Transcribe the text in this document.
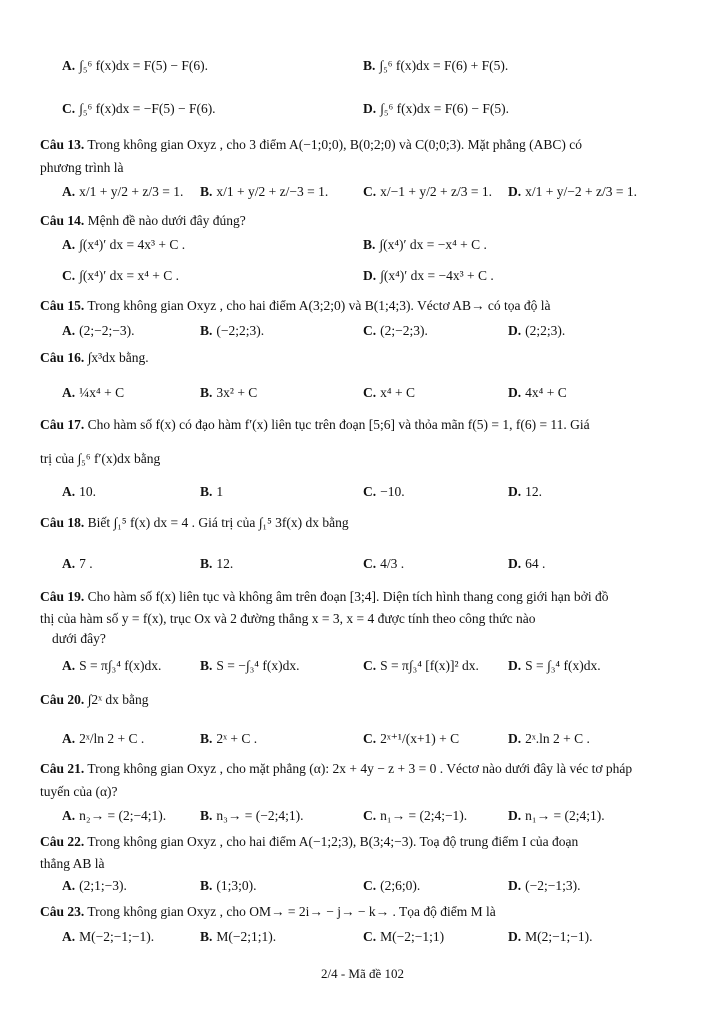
A. ∫₅⁶ f(x)dx = F(5) − F(6).	B. ∫₅⁶ f(x)dx = F(6) + F(5).
C. ∫₅⁶ f(x)dx = −F(5) − F(6).	D. ∫₅⁶ f(x)dx = F(6) − F(5).
Câu 13. Trong không gian Oxyz , cho 3 điểm A(−1;0;0), B(0;2;0) và C(0;0;3). Mặt phẳng (ABC) có
phương trình là
A. x/1 + y/2 + z/3 = 1. B. x/1 + y/2 + z/−3 = 1.	C. x/−1 + y/2 + z/3 = 1. D. x/1 + y/−2 + z/3 = 1.
Câu 14. Mệnh đề nào dưới đây đúng?
A. ∫(x⁴)′ dx = 4x³ + C .	B. ∫(x⁴)′ dx = −x⁴ + C .
C. ∫(x⁴)′ dx = x⁴ + C .	D. ∫(x⁴)′ dx = −4x³ + C .
Câu 15. Trong không gian Oxyz , cho hai điểm A(3;2;0) và B(1;4;3). Véctơ AB→ có tọa độ là
A. (2;−2;−3).	B. (−2;2;3).	C. (2;−2;3).	D. (2;2;3).
Câu 16. ∫x³dx bằng.
A. ¼x⁴ + C	B. 3x² + C	C. x⁴ + C	D. 4x⁴ + C
Câu 17. Cho hàm số f(x) có đạo hàm f′(x) liên tục trên đoạn [5;6] và thỏa mãn f(5) = 1, f(6) = 11. Giá
trị của ∫₅⁶ f′(x)dx bằng
A. 10.	B. 1	C. −10.	D. 12.
Câu 18. Biết ∫₁⁵ f(x) dx = 4 . Giá trị của ∫₁⁵ 3f(x) dx bằng
A. 7 .	B. 12.	C. 4/3 .	D. 64 .
Câu 19. Cho hàm số f(x) liên tục và không âm trên đoạn [3;4]. Diện tích hình thang cong giới hạn bởi đồ
thị của hàm số y = f(x), trục Ox và 2 đường thẳng x = 3, x = 4 được tính theo công thức nào
dưới đây?
A. S = π∫₃⁴ f(x)dx.	B. S = −∫₃⁴ f(x)dx.	C. S = π∫₃⁴ [f(x)]² dx. D. S = ∫₃⁴ f(x)dx.
Câu 20. ∫2ˣ dx bằng
A. 2ˣ/ln 2 + C .	B. 2ˣ + C .	C. 2ˣ⁺¹/(x+1) + C	D. 2ˣ.ln 2 + C .
Câu 21. Trong không gian Oxyz , cho mặt phẳng (α): 2x + 4y − z + 3 = 0 . Véctơ nào dưới đây là véc tơ pháp
tuyến của (α)?
A. n₂→ = (2;−4;1).	B. n₃→ = (−2;4;1).	C. n₁→ = (2;4;−1).	D. n₁→ = (2;4;1).
Câu 22. Trong không gian Oxyz , cho hai điểm A(−1;2;3), B(3;4;−3). Toạ độ trung điểm I của đoạn
thẳng AB là
A. (2;1;−3).	B. (1;3;0).	C. (2;6;0).	D. (−2;−1;3).
Câu 23. Trong không gian Oxyz , cho OM→ = 2i→ − j→ − k→ . Tọa độ điểm M là
A. M(−2;−1;−1).	B. M(−2;1;1).	C. M(−2;−1;1)	D. M(2;−1;−1).
2/4 - Mã đề 102
